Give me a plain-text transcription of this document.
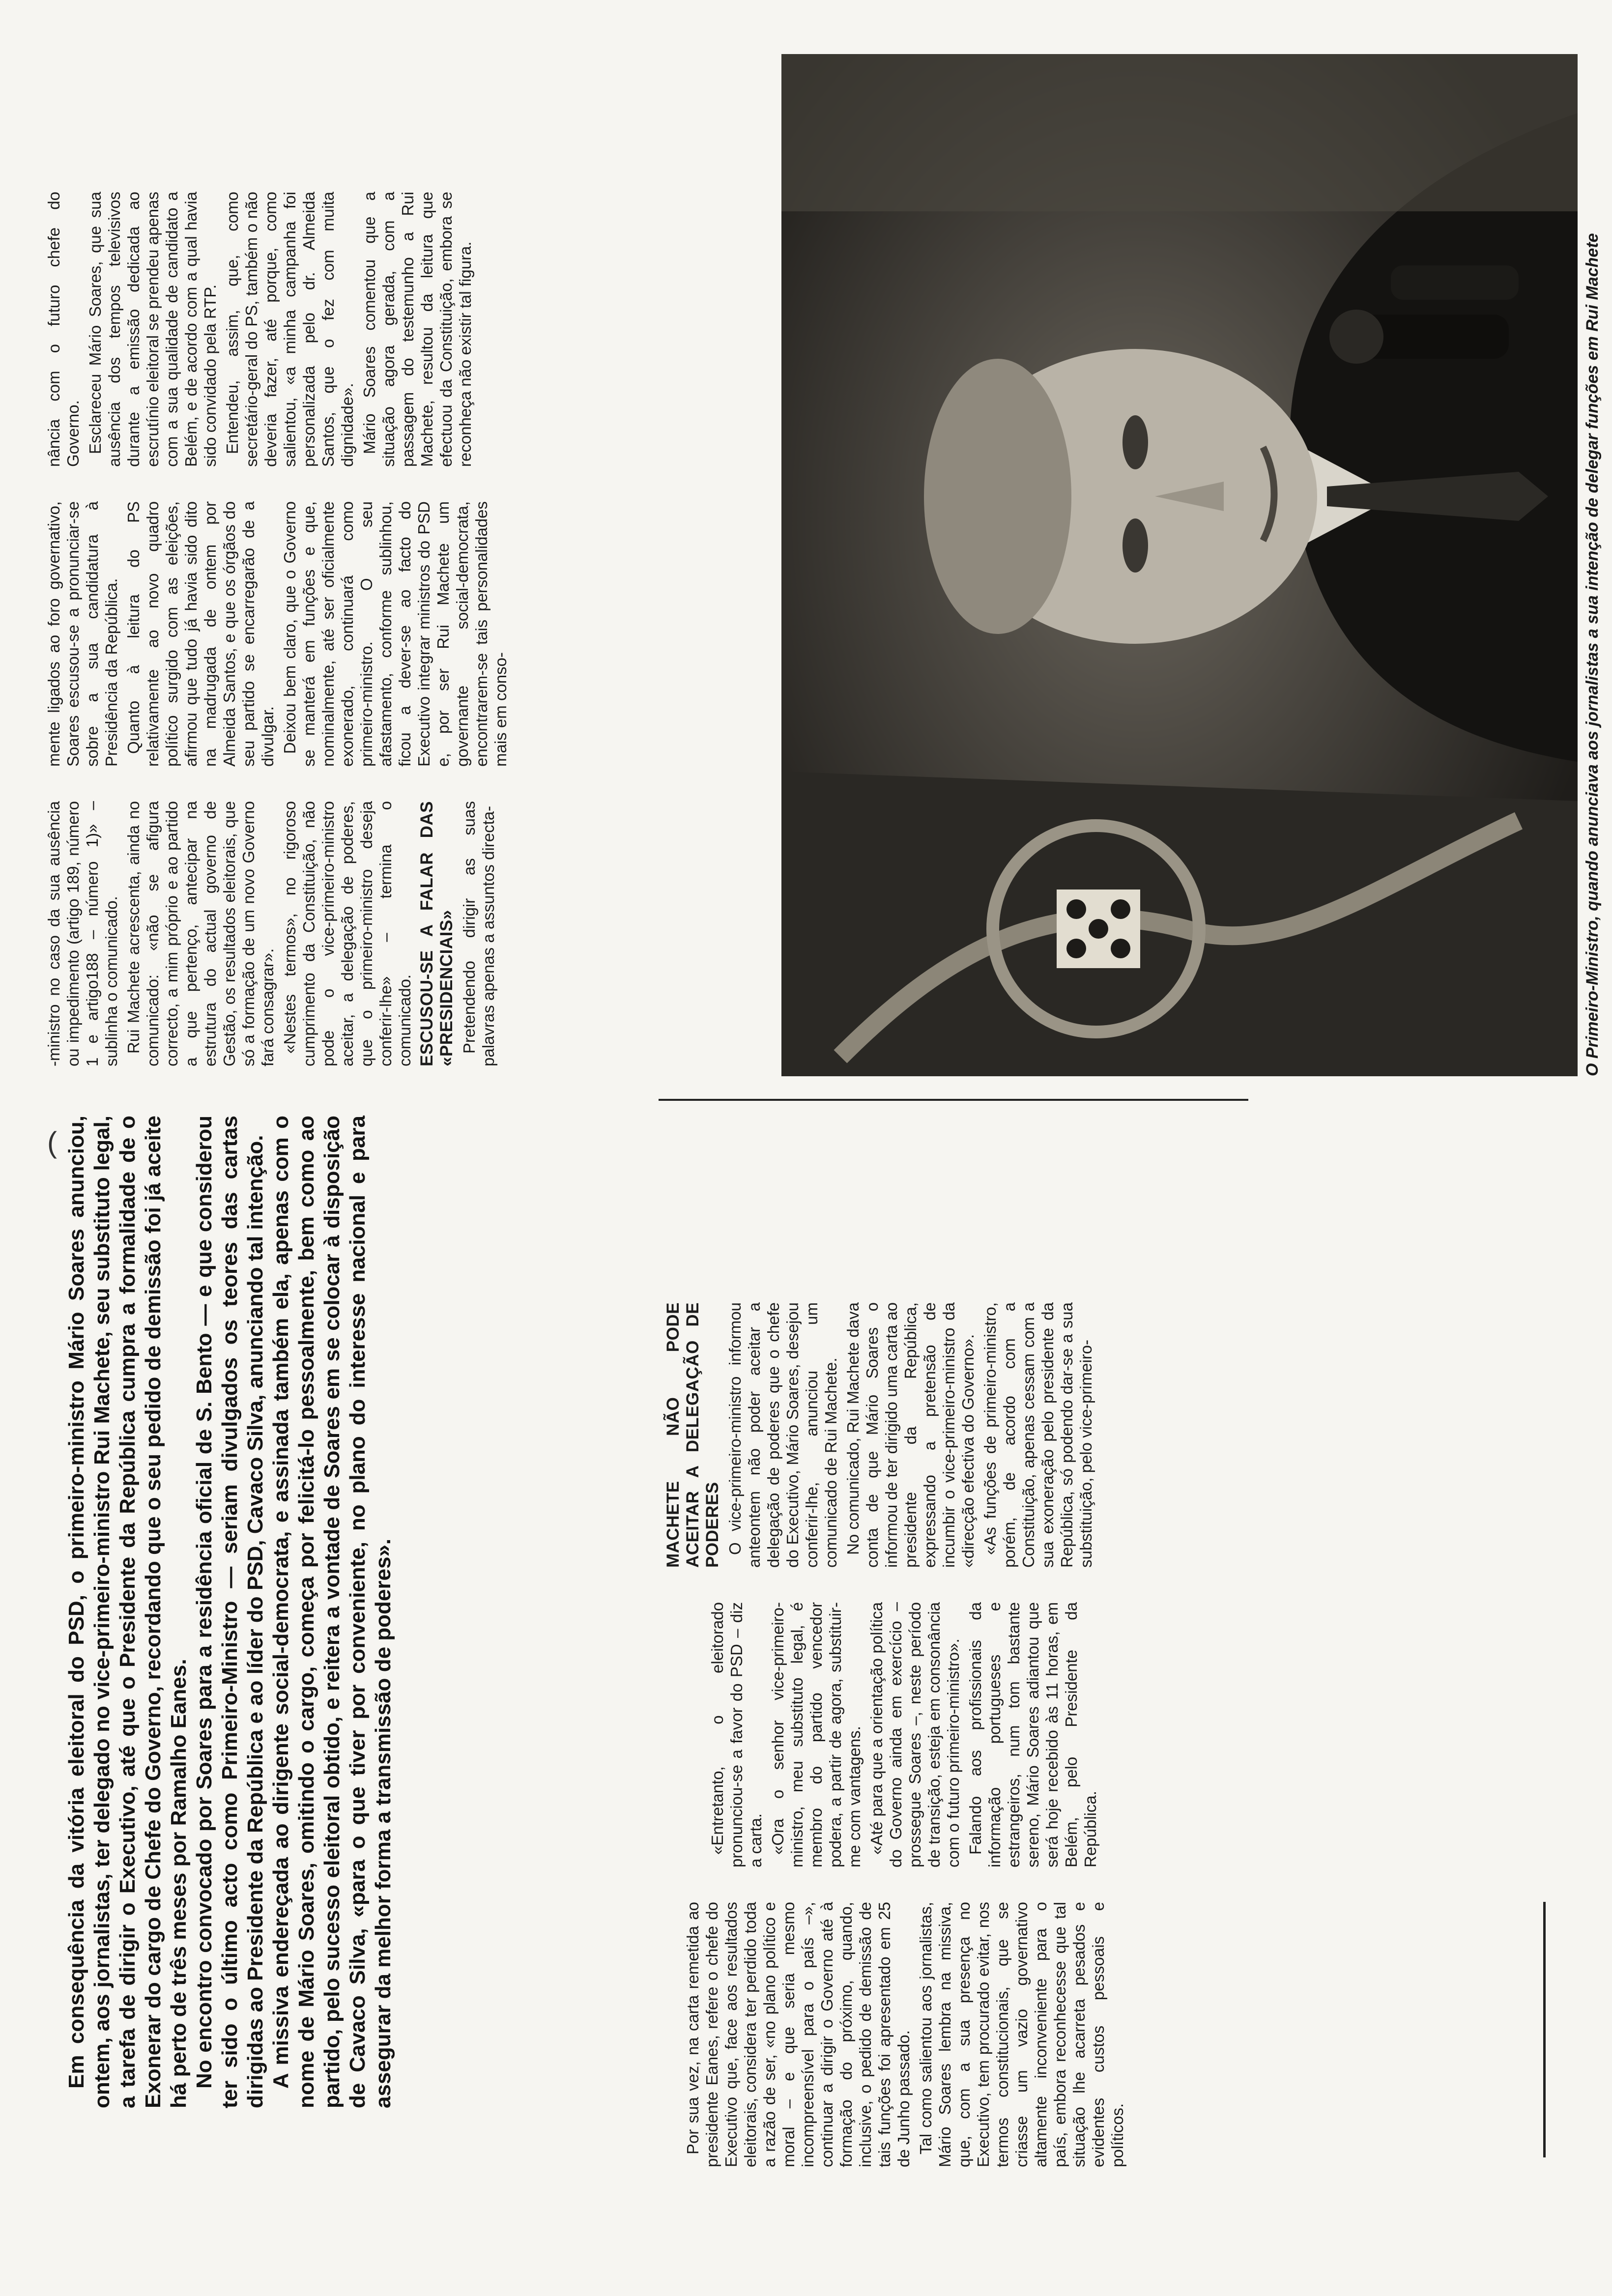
Em consequência da vitória eleitoral do PSD, o primeiro-ministro Mário Soares anunciou, ontem, aos jornalistas, ter delegado no vice-primeiro-ministro Rui Machete, seu substituto legal, a tarefa de dirigir o Executivo, até que o Presidente da República cumpra a formalidade de o Exonerar do cargo de Chefe do Governo, recordando que o seu pedido de demissão foi já aceite há perto de três meses por Ramalho Eanes. No encontro convocado por Soares para a residência oficial de S. Bento — e que considerou ter sido o último acto como Primeiro-Ministro — seriam divulgados os teores das cartas dirigidas ao Presidente da República e ao líder do PSD, Cavaco Silva, anunciando tal intenção. A missiva endereçada ao dirigente social-democrata, e assinada também ela, apenas com o nome de Mário Soares, omitindo o cargo, começa por felicitá-lo pessoalmente, bem como ao partido, pelo sucesso eleitoral obtido, e reitera a vontade de Soares em se colocar à disposição de Cavaco Silva, «para o que tiver por conveniente, no plano do interesse nacional e para assegurar da melhor forma a transmissão de poderes».	Por sua vez, na carta remetida ao presidente Eanes, refere o chefe do Executivo que, face aos resultados eleitorais, considera ter perdido toda a razão de ser, «no plano político e moral – e que seria mesmo incompreensível para o país –», continuar a dirigir o Governo até à formação do próximo, quando, inclusive, o pedido de demissão de tais funções foi apresentado em 25 de Junho passado. Tal como salientou aos jornalistas, Mário Soares lembra na missiva, que, com a sua presença no Executivo, tem procurado evitar, nos termos constitucionais, que se criasse um vazio governativo altamente inconveniente para o país, embora reconhecesse que tal situação lhe acarreta pesados e evidentes custos pessoais e políticos.

«Entretanto, o eleitorado pronunciou-se a favor do PSD – diz a carta. «Ora o senhor vice-primeiro-ministro, meu substituto legal, é membro do partido vencedor podera, a partir de agora, substituir-me com vantagens. «Até para que a orientação política do Governo ainda em exercício – prossegue Soares –, neste período de transição, esteja em consonância com o futuro primeiro-ministro». Falando aos profissionais da informação portugueses e estrangeiros, num tom bastante sereno, Mário Soares adiantou que será hoje recebido às 11 horas, em Belém, pelo Presidente da República.

MACHETE NÃO PODE ACEITAR A DELEGAÇÃO DE PODERES O vice-primeiro-ministro informou anteontem não poder aceitar a delegação de poderes que o chefe do Executivo, Mário Soares, desejou conferir-lhe, anunciou um comunicado de Rui Machete. No comunicado, Rui Machete dava conta de que Mário Soares o informou de ter dirigido uma carta ao presidente da República, expressando a pretensão de incumbir o vice-primeiro-ministro da «direcção efectiva do Governo». «As funções de primeiro-ministro, porém, de acordo com a Constituição, apenas cessam com a sua exoneração pelo presidente da República, só podendo dar-se a sua substituição, pelo vice-primeiro-

-ministro no caso da sua ausência ou impedimento (artigo 189, número 1 e artigo188 – número 1)» – sublinha o comunicado. Rui Machete acrescenta, ainda no comunicado: «não se afigura correcto, a mim próprio e ao partido a que pertenço, antecipar na estrutura do actual governo de Gestão, os resultados eleitorais, que só a formação de um novo Governo fará consagrar». «Nestes termos», no rigoroso cumprimento da Constituição, não pode o vice-primeiro-ministro aceitar, a delegação de poderes, que o primeiro-ministro deseja conferir-lhe» – termina o comunicado. ESCUSOU-SE A FALAR DAS «PRESIDENCIAIS» Pretendendo dirigir as suas palavras apenas a assuntos directa-

mente ligados ao foro governativo, Soares escusou-se a pronunciar-se sobre a sua candidatura à Presidência da República. Quanto à leitura do PS relativamente ao novo quadro político surgido com as eleições, afirmou que tudo já havia sido dito na madrugada de ontem por Almeida Santos, e que os órgãos do seu partido se encarregarão de a divulgar. Deixou bem claro, que o Governo se manterá em funções e que, nominalmente, até ser oficialmente exonerado, continuará como primeiro-ministro. O seu afastamento, conforme sublinhou, ficou a dever-se ao facto do Executivo integrar ministros do PSD e, por ser Rui Machete um governante social-democrata, encontrarem-se tais personalidades mais em conso-

nância com o futuro chefe do Governo. Esclareceu Mário Soares, que sua ausência dos tempos televisivos durante a emissão dedicada ao escrutínio eleitoral se prendeu apenas com a sua qualidade de candidato a Belém, e de acordo com a qual havia sido convidado pela RTP. Entendeu, assim, que, como secretário-geral do PS, também o não deveria fazer, até porque, como salientou, «a minha campanha foi personalizada pelo dr. Almeida Santos, que o fez com muita dignidade». Mário Soares comentou que a situação agora gerada, com a passagem do testemunho a Rui Machete, resultou da leitura que efectuou da Constituição, embora se reconheça não existir tal figura.	O Primeiro-Ministro, quando anunciava aos jornalistas a sua intenção de delegar funções em Rui Machete
(
